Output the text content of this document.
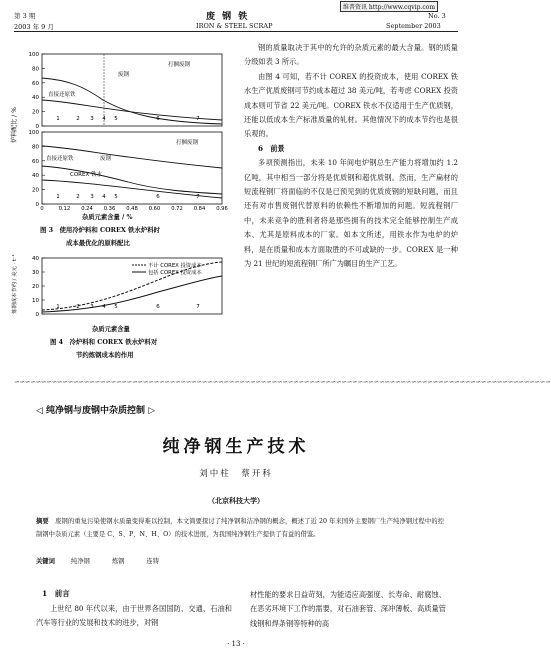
第 3 期
2003 年 9 月
废 钢 铁
IRON & STEEL SCRAP
维普资讯 http://www.cqvip.com
No. 3
September 2003
炉料配比 / %
100
80
60
40
20
0
100
80
60
40
20
0
废钢
打捆废钢
直接还原铁
打捆废钢
直接还原铁	废钢
COREX 铁水
1	2 3 4 5	6	7
1	2 3 4 5	6	7
0	0.12 0.24 0.36 0.48 0.60 0.72 0.84 0.96
杂质元素含量 / %
图 3　使用冷炉料和 COREX 铁水炉料时
成本最优化的原料配比
炼钢成本节约 / 美元 · t⁻¹	40
30
20
10
0
不计 COREX 投资成本
包括 COREX 投资成本
1	2 3 4 5	6	7
杂质元素含量
图 4　冷炉料和 COREX 铁水炉料对
节约炼钢成本的作用

钢的质量取决于其中的允许的杂质元素的最大含量。钢的质量分级如表 3 所示。

由图 4 可知，若不计 COREX 的投资成本，使用 COREX 铁水生产优质废钢可节约成本超过 38 美元/吨，若考虑 COREX 投资成本则可节省 22 美元/吨。COREX 铁水不仅适用于生产优质钢，还能以低成本生产标准质量的轧材。其他情况下的成本节约也是很乐观的。

6　前景

多项预测指出，未来 10 年间电炉钢总生产能力将增加约 1.2 亿吨，其中相当一部分将是优质钢和超优质钢。然而，生产扁材的短流程钢厂将面临的不仅是已预见到的优质废钢的短缺问题，而且还有对市售废钢代替原料的依赖性不断增加的问题。短流程钢厂中，未来竞争的胜利者将是那些拥有的技术完全能够控制生产成本、尤其是原料成本的厂家。如本文所述，用铁水作为电炉的炉料，是在质量和成本方面取胜的不可或缺的一步。COREX 是一种为 21 世纪的短流程钢厂所广为瞩目的生产工艺。

∽∽∽∽∽∽∽∽∽∽∽∽∽∽∽∽∽∽∽∽∽∽∽∽∽∽∽∽∽∽∽∽∽∽∽∽∽∽∽∽∽∽∽∽∽∽∽∽∽∽∽∽∽∽∽∽∽∽∽∽∽∽∽∽∽∽∽∽∽∽∽∽∽∽∽∽∽∽∽∽∽∽∽∽∽∽∽∽∽∽∽∽∽∽∽∽∽∽∽∽
◁ 纯净钢与废钢中杂质控制 ▷
纯净钢生产技术
刘中柱　蔡开科
（北京科技大学）
摘要　 废钢的重复污染使钢水质量变得难以控制，本文简要探讨了纯净钢和洁净钢的概念，概述了近 20 年来国外主要钢厂生产纯净钢过程中的控制钢中杂质元素（主要是 C、S、P、N、H、O）的技术进展，为我国纯净钢生产提供了有益的借鉴。
关键词	纯净钢	炼钢	连铸
1　前言

上世纪 80 年代以来，由于世界各国国防、交通、石油和汽车等行业的发展和技术的进步，对钢

材性能的要求日益苛刻，为能适应高强度、长寿命、耐腐蚀、在恶劣环境下工作的需要，对石油套管、深冲薄板、高质量管线钢和焊条钢等特种的高

· 13 ·
